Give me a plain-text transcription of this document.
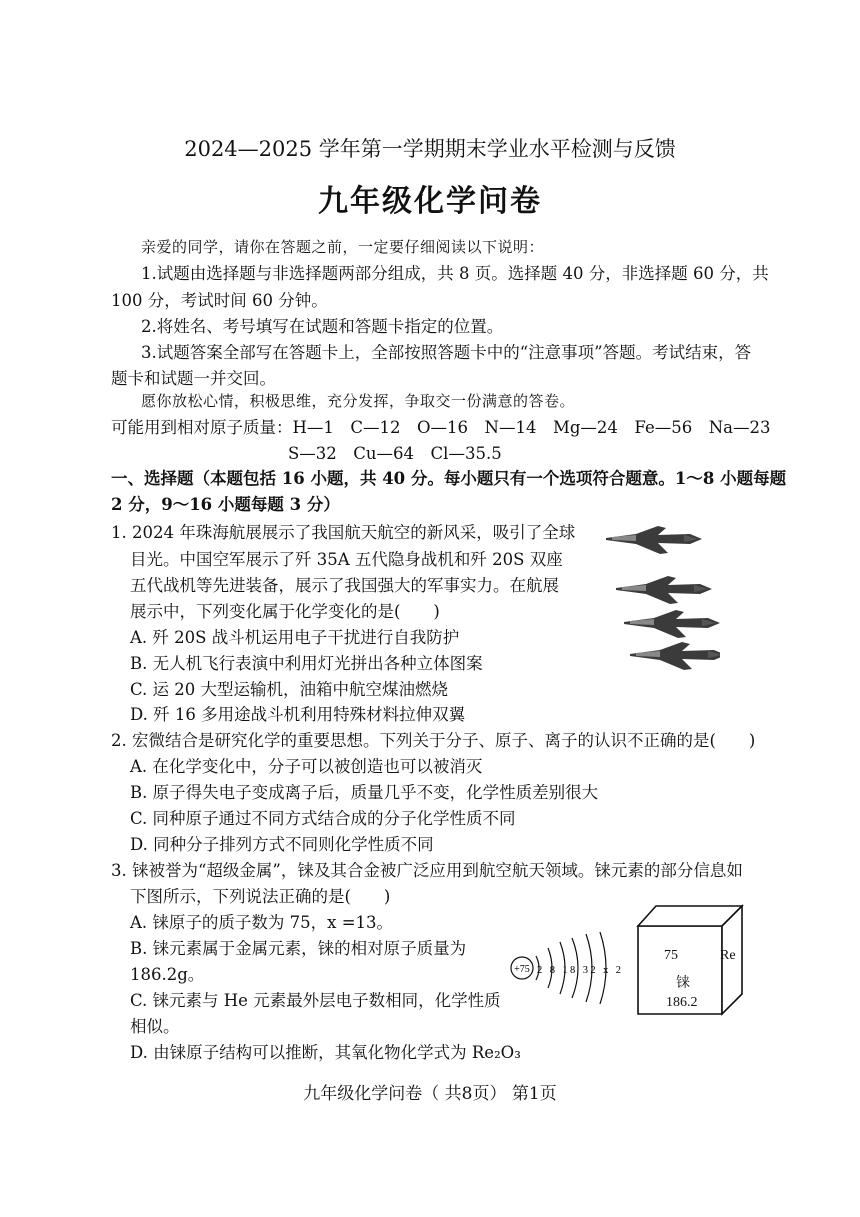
2024—2025 学年第一学期期末学业水平检测与反馈
九年级化学问卷
亲爱的同学，请你在答题之前，一定要仔细阅读以下说明：
1.试题由选择题与非选择题两部分组成，共 8 页。选择题 40 分，非选择题 60 分，共
100 分，考试时间 60 分钟。
2.将姓名、考号填写在试题和答题卡指定的位置。
3.试题答案全部写在答题卡上，全部按照答题卡中的“注意事项”答题。考试结束，答
题卡和试题一并交回。
愿你放松心情，积极思维，充分发挥，争取交一份满意的答卷。
可能用到相对原子质量：H—1　C—12　O—16　N—14　Mg—24　Fe—56　Na—23
S—32　Cu—64　Cl—35.5
一、选择题（本题包括 16 小题，共 40 分。每小题只有一个选项符合题意。1～8 小题每题
2 分，9～16 小题每题 3 分）
1. 2024 年珠海航展展示了我国航天航空的新风采，吸引了全球
目光。中国空军展示了歼 35A 五代隐身战机和歼 20S 双座
五代战机等先进装备，展示了我国强大的军事实力。在航展
展示中，下列变化属于化学变化的是(　　)
A. 歼 20S 战斗机运用电子干扰进行自我防护
B. 无人机飞行表演中利用灯光拼出各种立体图案
C. 运 20 大型运输机，油箱中航空煤油燃烧
D. 歼 16 多用途战斗机利用特殊材料拉伸双翼
2. 宏微结合是研究化学的重要思想。下列关于分子、原子、离子的认识不正确的是(　　)
A. 在化学变化中，分子可以被创造也可以被消灭
B. 原子得失电子变成离子后，质量几乎不变，化学性质差别很大
C. 同种原子通过不同方式结合成的分子化学性质不同
D. 同种分子排列方式不同则化学性质不同
3. 铼被誉为“超级金属”，铼及其合金被广泛应用到航空航天领域。铼元素的部分信息如
下图所示，下列说法正确的是(　　)
A. 铼原子的质子数为 75，x =13。
B. 铼元素属于金属元素，铼的相对原子质量为
186.2g。
C. 铼元素与 He 元素最外层电子数相同，化学性质
相似。
D. 由铼原子结构可以推断，其氧化物化学式为 Re₂O₃
+75 2 8 18 32 x 2
75	Re
铼
186.2
九年级化学问卷（ 共8页） 第1页
